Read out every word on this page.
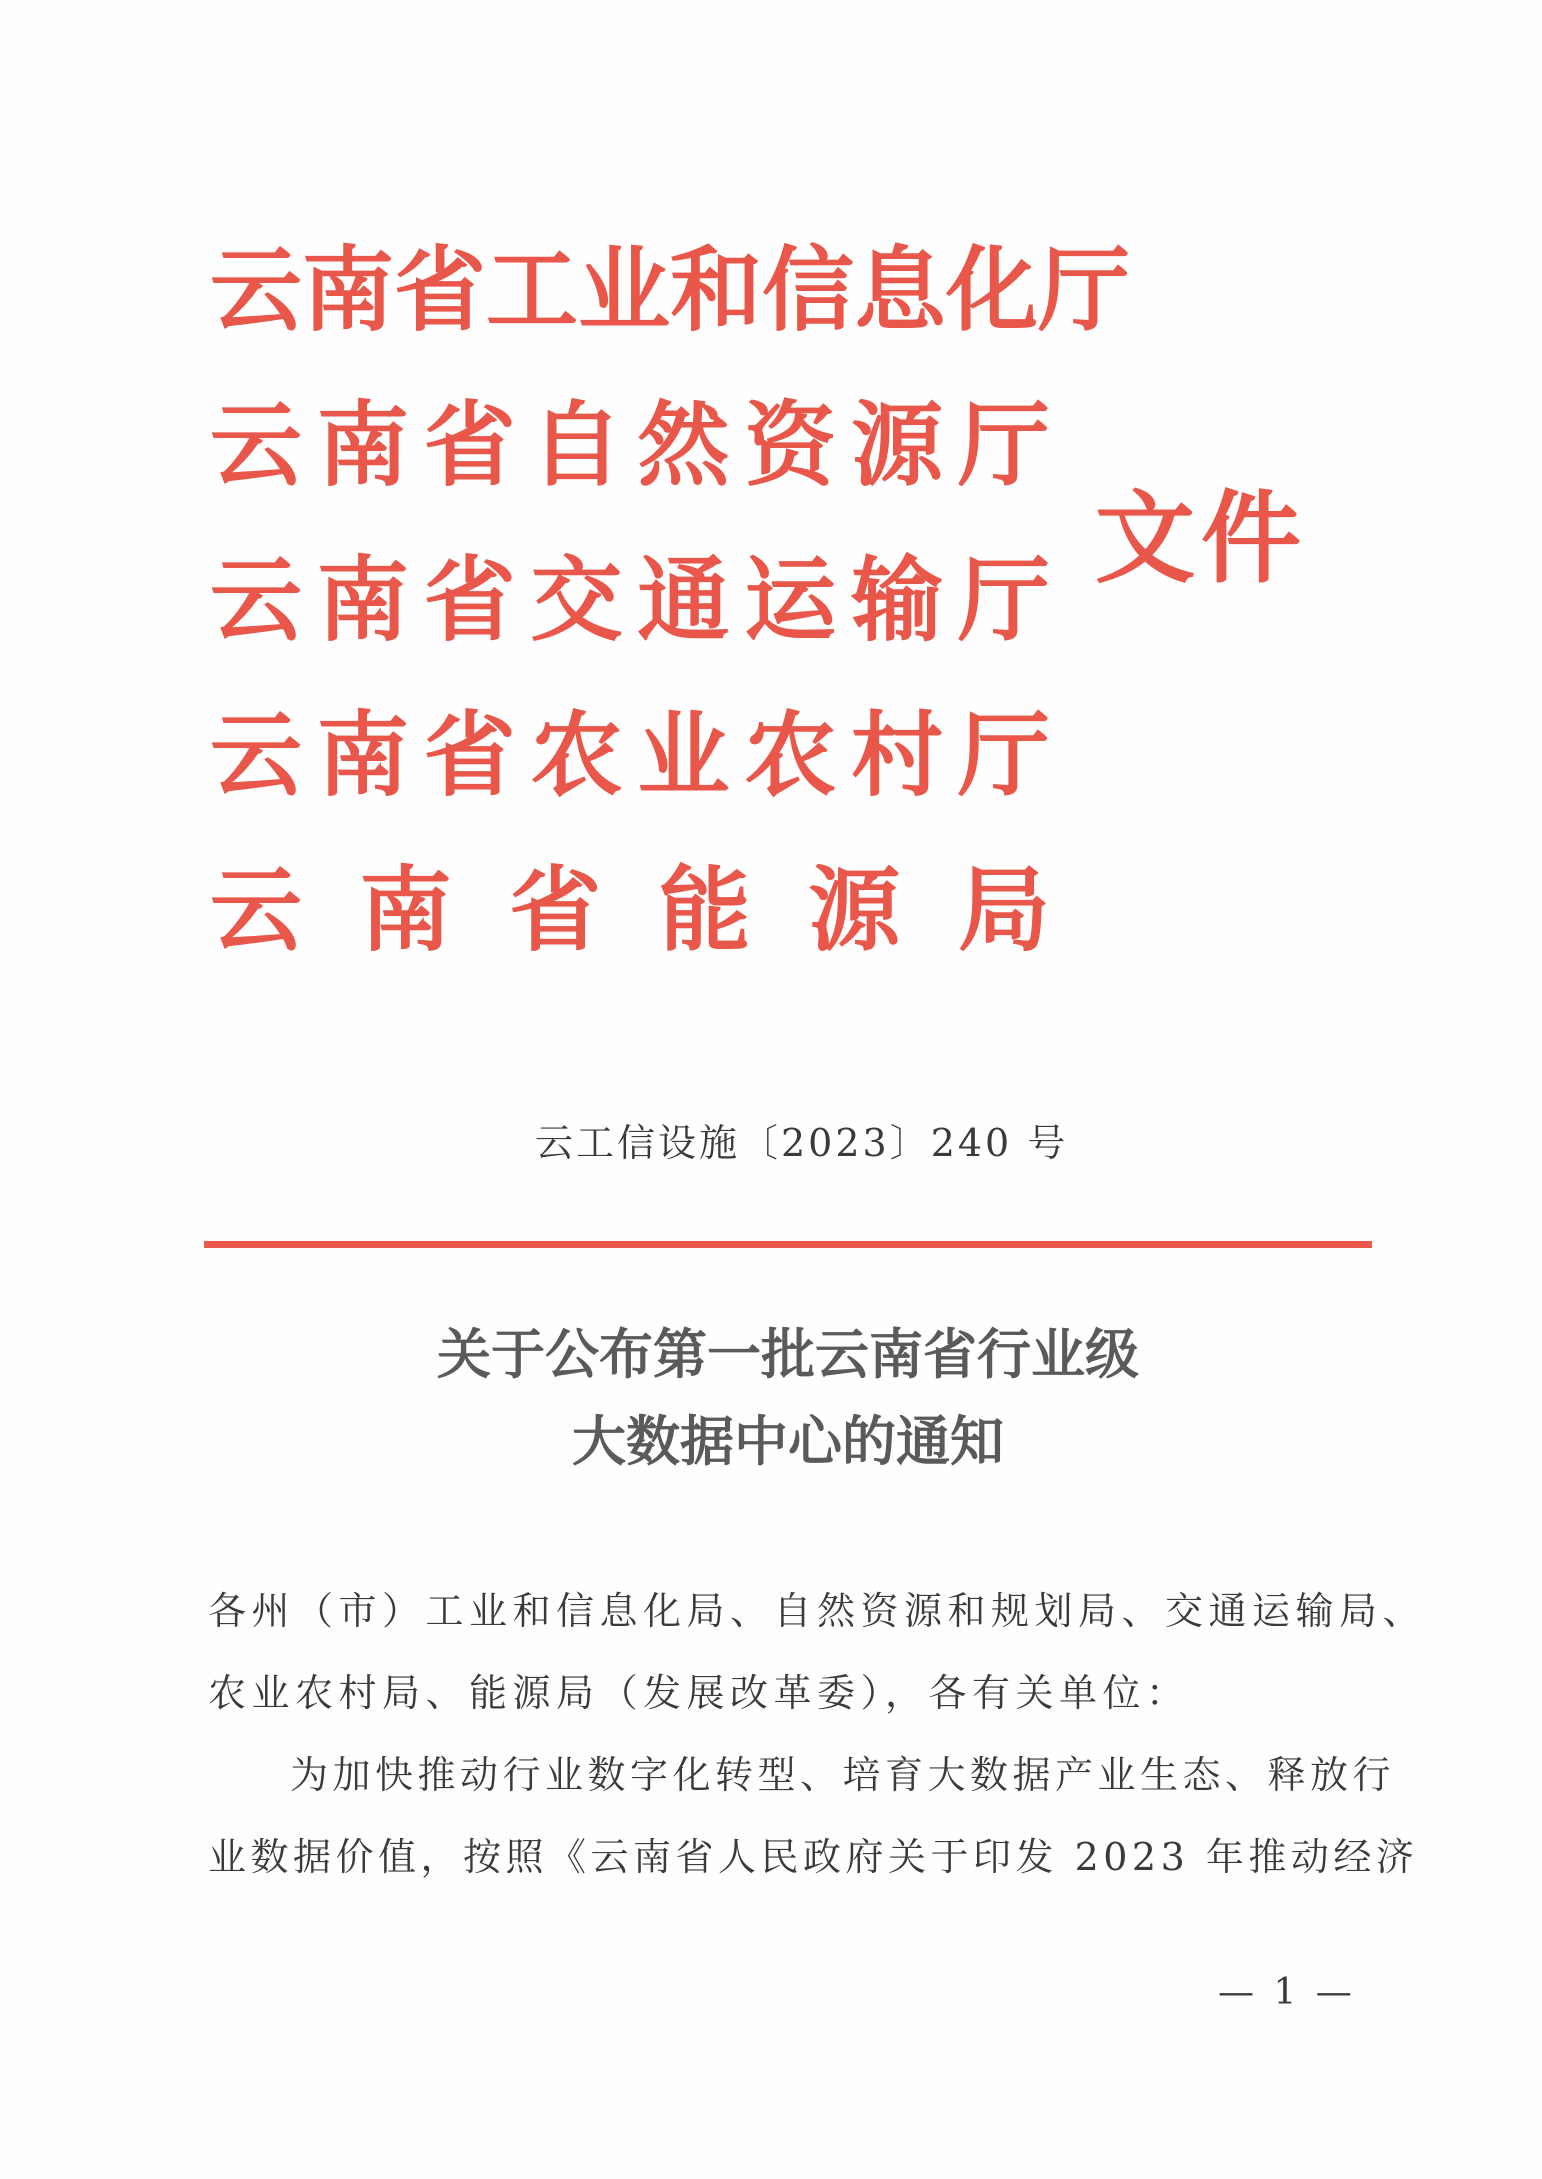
云 南 省 工 业 和 信 息 化 厅
云 南 省 自 然 资 源 厅
云 南 省 交 通 运 输 厅
云 南 省 农 业 农 村 厅
云 南 省 能 源 局
文件
云工信设施〔2023〕240 号
关于公布第一批云南省行业级
大数据中心的通知
各州（市）工业和信息化局、自然资源和规划局、交通运输局、
农业农村局、能源局（发展改革委），各有关单位：
为加快推动行业数字化转型、培育大数据产业生态、释放行
业数据价值，按照《云南省人民政府关于印发 2023 年推动经济
— 1 —
